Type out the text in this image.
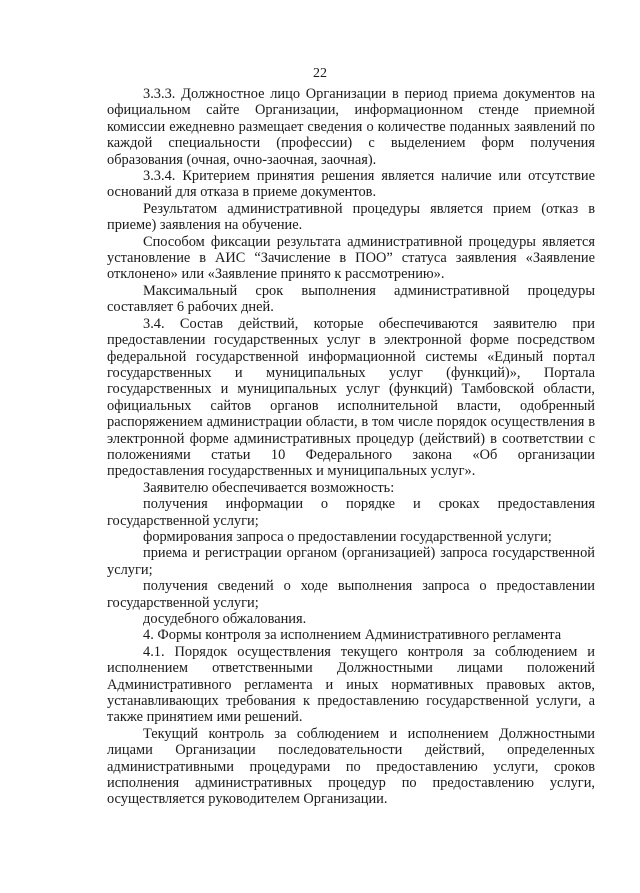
22

3.3.3. Должностное лицо Организации в период приема документов на официальном сайте Организации, информационном стенде приемной комиссии ежедневно размещает сведения о количестве поданных заявлений по каждой специальности (профессии) с выделением форм получения образования (очная, очно-заочная, заочная).

3.3.4. Критерием принятия решения является наличие или отсутствие оснований для отказа в приеме документов.

Результатом административной процедуры является прием (отказ в приеме) заявления на обучение.

Способом фиксации результата административной процедуры является установление в АИС “Зачисление в ПОО” статуса заявления «Заявление отклонено» или «Заявление принято к рассмотрению».

Максимальный срок выполнения административной процедуры составляет 6 рабочих дней.

3.4. Состав действий, которые обеспечиваются заявителю при предоставлении государственных услуг в электронной форме посредством федеральной государственной информационной системы «Единый портал государственных и муниципальных услуг (функций)», Портала государственных и муниципальных услуг (функций) Тамбовской области, официальных сайтов органов исполнительной власти, одобренный распоряжением администрации области, в том числе порядок осуществления в электронной форме административных процедур (действий) в соответствии с положениями статьи 10 Федерального закона «Об организации предоставления государственных и муниципальных услуг».

Заявителю обеспечивается возможность:

получения информации о порядке и сроках предоставления государственной услуги;

формирования запроса о предоставлении государственной услуги;

приема и регистрации органом (организацией) запроса государственной услуги;

получения сведений о ходе выполнения запроса о предоставлении государственной услуги;

досудебного обжалования.

4. Формы контроля за исполнением Административного регламента

4.1. Порядок осуществления текущего контроля за соблюдением и исполнением ответственными Должностными лицами положений Административного регламента и иных нормативных правовых актов, устанавливающих требования к предоставлению государственной услуги, а также принятием ими решений.

Текущий контроль за соблюдением и исполнением Должностными лицами Организации последовательности действий, определенных административными процедурами по предоставлению услуги, сроков исполнения административных процедур по предоставлению услуги, осуществляется руководителем Организации.
